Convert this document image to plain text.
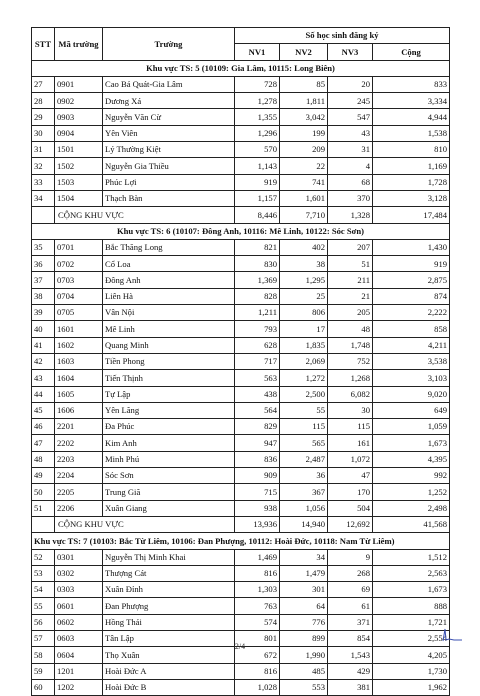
STT	Mã trường	Trường	Số học sinh đăng ký			
			NV1	NV2	NV3	Cộng
Khu vực TS: 5 (10109: Gia Lâm, 10115: Long Biên)						
27	0901	Cao Bá Quát-Gia Lâm	728	85	20	833
28	0902	Dương Xá	1,278	1,811	245	3,334
29	0903	Nguyễn Văn Cừ	1,355	3,042	547	4,944
30	0904	Yên Viên	1,296	199	43	1,538
31	1501	Lý Thường Kiệt	570	209	31	810
32	1502	Nguyễn Gia Thiều	1,143	22	4	1,169
33	1503	Phúc Lợi	919	741	68	1,728
34	1504	Thạch Bàn	1,157	1,601	370	3,128
	CỘNG KHU VỰC		8,446	7,710	1,328	17,484
Khu vực TS: 6 (10107: Đông Anh, 10116: Mê Linh, 10122: Sóc Sơn)						
35	0701	Bắc Thăng Long	821	402	207	1,430
36	0702	Cổ Loa	830	38	51	919
37	0703	Đông Anh	1,369	1,295	211	2,875
38	0704	Liên Hà	828	25	21	874
39	0705	Vân Nội	1,211	806	205	2,222
40	1601	Mê Linh	793	17	48	858
41	1602	Quang Minh	628	1,835	1,748	4,211
42	1603	Tiền Phong	717	2,069	752	3,538
43	1604	Tiến Thịnh	563	1,272	1,268	3,103
44	1605	Tự Lập	438	2,500	6,082	9,020
45	1606	Yên Lãng	564	55	30	649
46	2201	Đa Phúc	829	115	115	1,059
47	2202	Kim Anh	947	565	161	1,673
48	2203	Minh Phú	836	2,487	1,072	4,395
49	2204	Sóc Sơn	909	36	47	992
50	2205	Trung Giã	715	367	170	1,252
51	2206	Xuân Giang	938	1,056	504	2,498
	CỘNG KHU VỰC		13,936	14,940	12,692	41,568
Khu vực TS: 7 (10103: Bắc Từ Liêm, 10106: Đan Phượng, 10112: Hoài Đức, 10118: Nam Từ Liêm)						
52	0301	Nguyễn Thị Minh Khai	1,469	34	9	1,512
53	0302	Thượng Cát	816	1,479	268	2,563
54	0303	Xuân Đỉnh	1,303	301	69	1,673
55	0601	Đan Phượng	763	64	61	888
56	0602	Hồng Thái	574	776	371	1,721
57	0603	Tân Lập	801	899	854	2,554
58	0604	Thọ Xuân	672	1,990	1,543	4,205
59	1201	Hoài Đức A	816	485	429	1,730
60	1202	Hoài Đức B	1,028	553	381	1,962
2/4
